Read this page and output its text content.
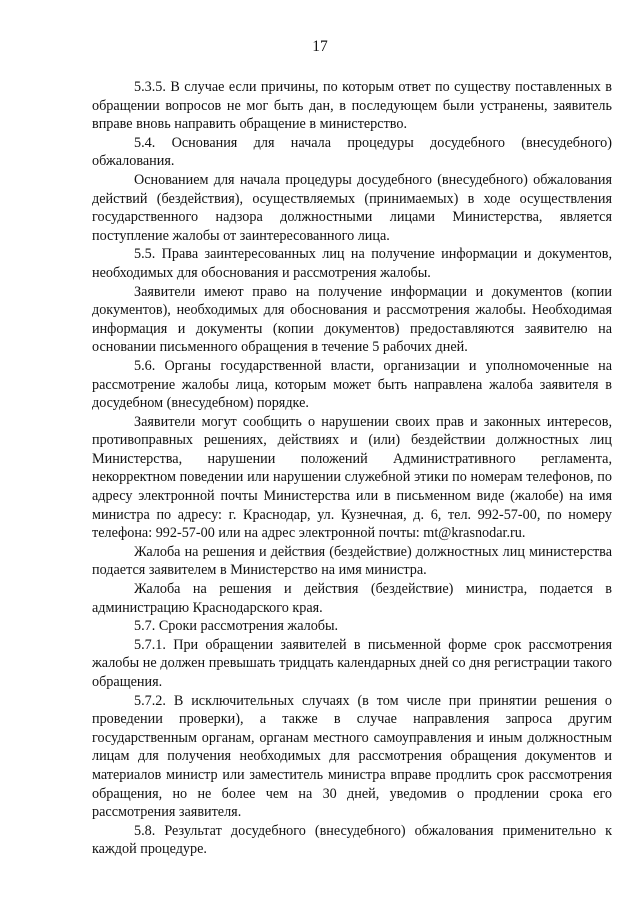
17

5.3.5. В случае если причины, по которым ответ по существу поставленных в обращении вопросов не мог быть дан, в последующем были устранены, заявитель вправе вновь направить обращение в министерство.

5.4. Основания для начала процедуры досудебного (внесудебного) обжалования.

Основанием для начала процедуры досудебного (внесудебного) обжалования действий (бездействия), осуществляемых (принимаемых) в ходе осуществления государственного надзора должностными лицами Министерства, является поступление жалобы от заинтересованного лица.

5.5. Права заинтересованных лиц на получение информации и документов, необходимых для обоснования и рассмотрения жалобы.

Заявители имеют право на получение информации и документов (копии документов), необходимых для обоснования и рассмотрения жалобы. Необходимая информация и документы (копии документов) предоставляются заявителю на основании письменного обращения в течение 5 рабочих дней.

5.6. Органы государственной власти, организации и уполномоченные на рассмотрение жалобы лица, которым может быть направлена жалоба заявителя в досудебном (внесудебном) порядке.

Заявители могут сообщить о нарушении своих прав и законных интересов, противоправных решениях, действиях и (или) бездействии должностных лиц Министерства, нарушении положений Административного регламента, некорректном поведении или нарушении служебной этики по номерам телефонов, по адресу электронной почты Министерства или в письменном виде (жалобе) на имя министра по адресу: г. Краснодар, ул. Кузнечная, д. 6, тел. 992-57-00, по номеру телефона: 992-57-00 или на адрес электронной почты: mt@krasnodar.ru.

Жалоба на решения и действия (бездействие) должностных лиц министерства подается заявителем в Министерство на имя министра.

Жалоба на решения и действия (бездействие) министра, подается в администрацию Краснодарского края.

5.7. Сроки рассмотрения жалобы.

5.7.1. При обращении заявителей в письменной форме срок рассмотрения жалобы не должен превышать тридцать календарных дней со дня регистрации такого обращения.

5.7.2. В исключительных случаях (в том числе при принятии решения о проведении проверки), а также в случае направления запроса другим государственным органам, органам местного самоуправления и иным должностным лицам для получения необходимых для рассмотрения обращения документов и материалов министр или заместитель министра вправе продлить срок рассмотрения обращения, но не более чем на 30 дней, уведомив о продлении срока его рассмотрения заявителя.

5.8. Результат досудебного (внесудебного) обжалования применительно к каждой процедуре.
